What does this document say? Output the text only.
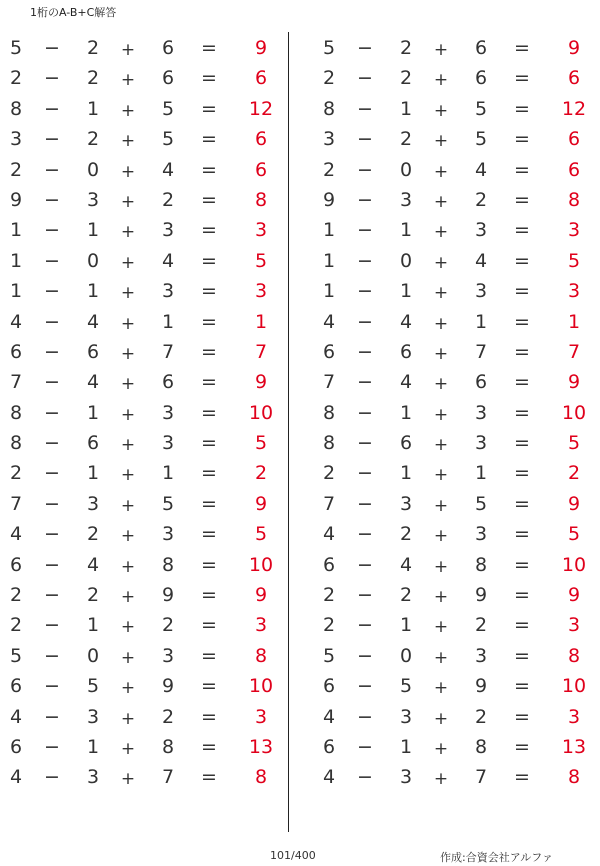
1桁のA-B+C解答
5 − 2 + 6 =	9
2 − 2 + 6 =	6
8 − 1 + 5 =	12
3 − 2 + 5 =	6
2 − 0 + 4 =	6
9 − 3 + 2 =	8
1 − 1 + 3 =	3
1 − 0 + 4 =	5
1 − 1 + 3 =	3
4 − 4 + 1 =	1
6 − 6 + 7 =	7
7 − 4 + 6 =	9
8 − 1 + 3 =	10
8 − 6 + 3 =	5
2 − 1 + 1 =	2
7 − 3 + 5 =	9
4 − 2 + 3 =	5
6 − 4 + 8 =	10
2 − 2 + 9 =	9
2 − 1 + 2 =	3
5 − 0 + 3 =	8
6 − 5 + 9 =	10
4 − 3 + 2 =	3
6 − 1 + 8 =	13
4 − 3 + 7 =	8
5 − 2 + 6 =	9
2 − 2 + 6 =	6
8 − 1 + 5 =	12
3 − 2 + 5 =	6
2 − 0 + 4 =	6
9 − 3 + 2 =	8
1 − 1 + 3 =	3
1 − 0 + 4 =	5
1 − 1 + 3 =	3
4 − 4 + 1 =	1
6 − 6 + 7 =	7
7 − 4 + 6 =	9
8 − 1 + 3 =	10
8 − 6 + 3 =	5
2 − 1 + 1 =	2
7 − 3 + 5 =	9
4 − 2 + 3 =	5
6 − 4 + 8 =	10
2 − 2 + 9 =	9
2 − 1 + 2 =	3
5 − 0 + 3 =	8
6 − 5 + 9 =	10
4 − 3 + 2 =	3
6 − 1 + 8 =	13
4 − 3 + 7 =	8
101/400	作成:合資会社アルファ
